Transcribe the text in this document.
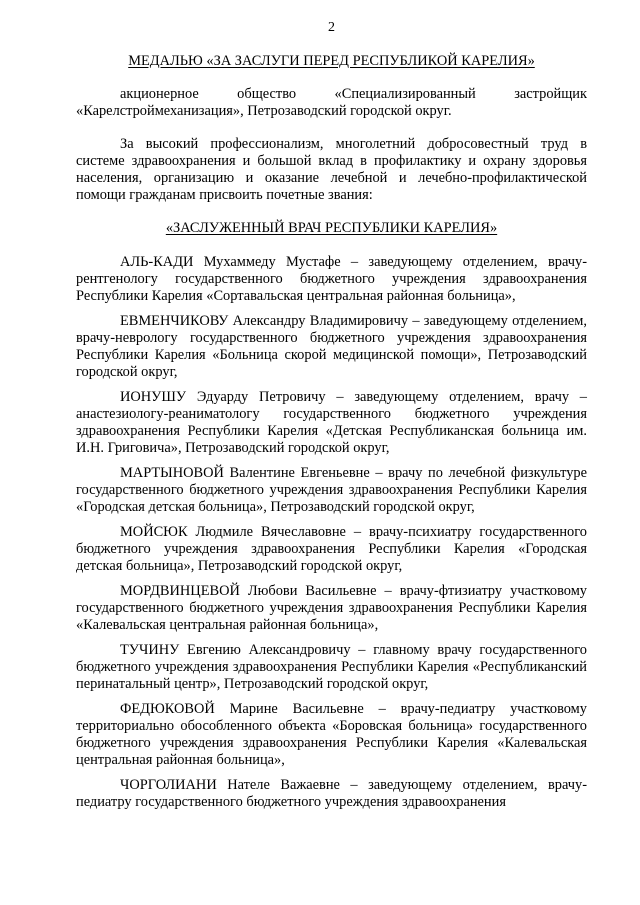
2
МЕДАЛЬЮ «ЗА ЗАСЛУГИ ПЕРЕД РЕСПУБЛИКОЙ КАРЕЛИЯ»

акционерное общество «Специализированный застройщик «Карелстроймеханизация», Петрозаводский городской округ.

За высокий профессионализм, многолетний добросовестный труд в системе здравоохранения и большой вклад в профилактику и охрану здоровья населения, организацию и оказание лечебной и лечебно-профилактической помощи гражданам присвоить почетные звания:

«ЗАСЛУЖЕННЫЙ ВРАЧ РЕСПУБЛИКИ КАРЕЛИЯ»

АЛЬ-КАДИ Мухаммеду Мустафе – заведующему отделением, врачу-рентгенологу государственного бюджетного учреждения здравоохранения Республики Карелия «Сортавальская центральная районная больница»,

ЕВМЕНЧИКОВУ Александру Владимировичу – заведующему отделением, врачу-неврологу государственного бюджетного учреждения здравоохранения Республики Карелия «Больница скорой медицинской помощи», Петрозаводский городской округ,

ИОНУШУ Эдуарду Петровичу – заведующему отделением, врачу – анастезиологу-реаниматологу государственного бюджетного учреждения здравоохранения Республики Карелия «Детская Республиканская больница им. И.Н. Григовича», Петрозаводский городской округ,

МАРТЫНОВОЙ Валентине Евгеньевне – врачу по лечебной физкультуре государственного бюджетного учреждения здравоохранения Республики Карелия «Городская детская больница», Петрозаводский городской округ,

МОЙСЮК Людмиле Вячеславовне – врачу-психиатру государственного бюджетного учреждения здравоохранения Республики Карелия «Городская детская больница», Петрозаводский городской округ,

МОРДВИНЦЕВОЙ Любови Васильевне – врачу-фтизиатру участковому государственного бюджетного учреждения здравоохранения Республики Карелия «Калевальская центральная районная больница»,

ТУЧИНУ Евгению Александровичу – главному врачу государственного бюджетного учреждения здравоохранения Республики Карелия «Республиканский перинатальный центр», Петрозаводский городской округ,

ФЕДЮКОВОЙ Марине Васильевне – врачу-педиатру участковому территориально обособленного объекта «Боровская больница» государственного бюджетного учреждения здравоохранения Республики Карелия «Калевальская центральная районная больница»,

ЧОРГОЛИАНИ Нателе Важаевне – заведующему отделением, врачу-педиатру государственного бюджетного учреждения здравоохранения
